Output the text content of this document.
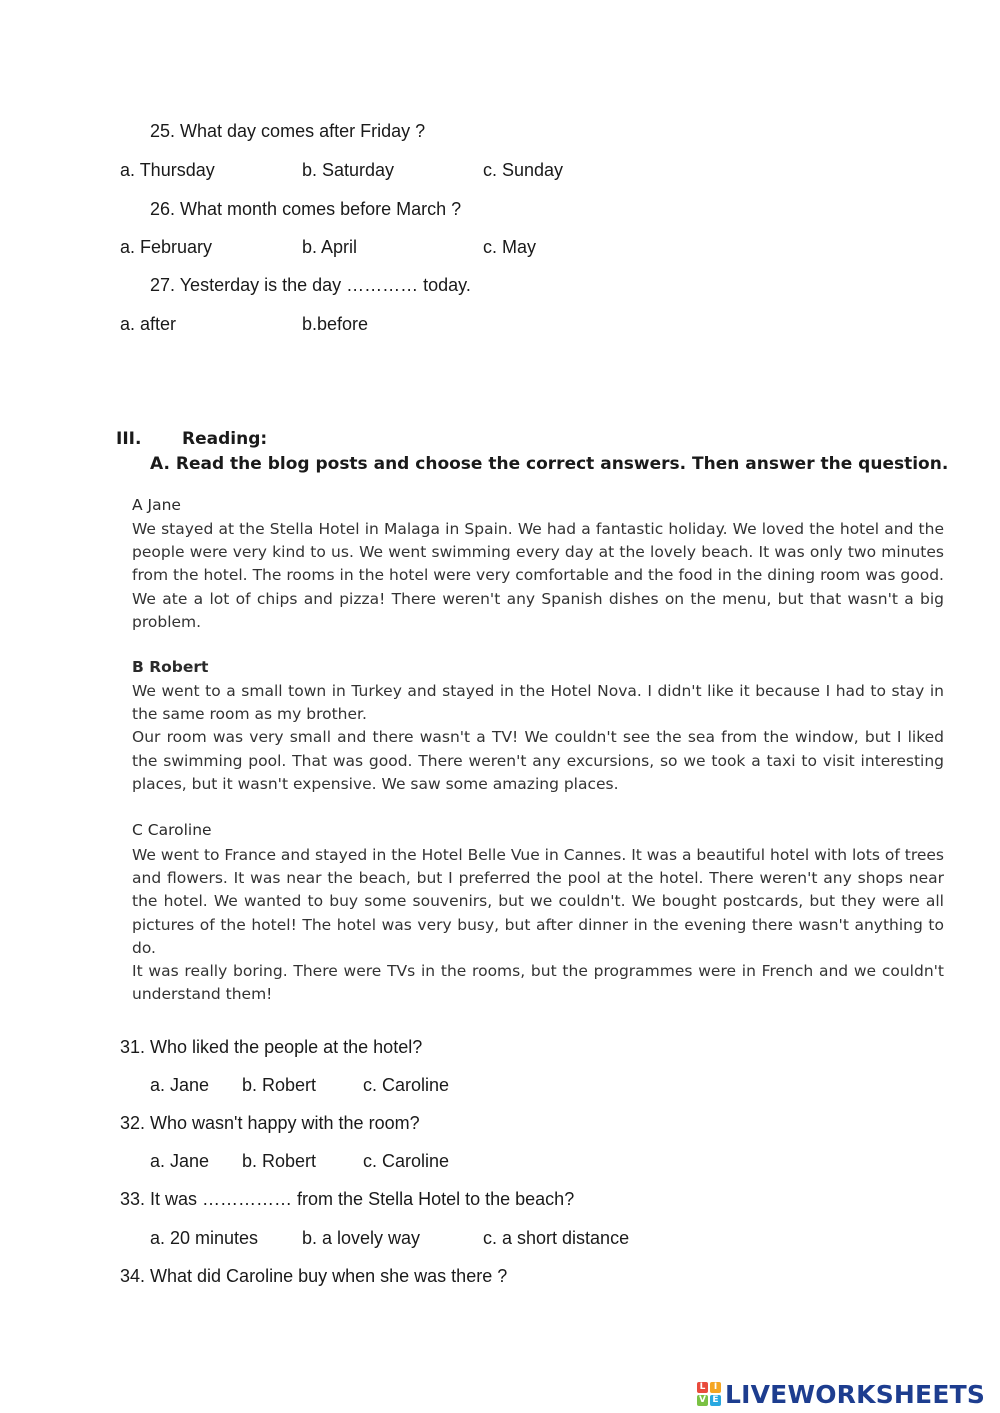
25. What day comes after Friday ?
a. Thursday	b. Saturday	c. Sunday
26. What month comes before March ?
a. February	b. April	c. May
27. Yesterday is the day ………… today.
a. after	b.before
III. Reading:
A. Read the blog posts and choose the correct answers. Then answer the question.
A Jane

We stayed at the Stella Hotel in Malaga in Spain. We had a fantastic holiday. We loved the hotel and the people were very kind to us. We went swimming every day at the lovely beach. It was only two minutes from the hotel. The rooms in the hotel were very comfortable and the food in the dining room was good. We ate a lot of chips and pizza! There weren't any Spanish dishes on the menu, but that wasn't a big problem.

B Robert

We went to a small town in Turkey and stayed in the Hotel Nova. I didn't like it because I had to stay in the same room as my brother.

Our room was very small and there wasn't a TV! We couldn't see the sea from the window, but I liked the swimming pool. That was good. There weren't any excursions, so we took a taxi to visit interesting places, but it wasn't expensive. We saw some amazing places.

C Caroline

We went to France and stayed in the Hotel Belle Vue in Cannes. It was a beautiful hotel with lots of trees and flowers. It was near the beach, but I preferred the pool at the hotel. There weren't any shops near the hotel. We wanted to buy some souvenirs, but we couldn't. We bought postcards, but they were all pictures of the hotel! The hotel was very busy, but after dinner in the evening there wasn't anything to do.

It was really boring. There were TVs in the rooms, but the programmes were in French and we couldn't understand them!

31. Who liked the people at the hotel?
a. Jane b. Robert	c. Caroline
32. Who wasn't happy with the room?
a. Jane b. Robert	c. Caroline
33. It was …………… from the Stella Hotel to the beach?
a. 20 minutes b. a lovely way	c. a short distance
34. What did Caroline buy when she was there ?
L I
V E LIVEWORKSHEETS
